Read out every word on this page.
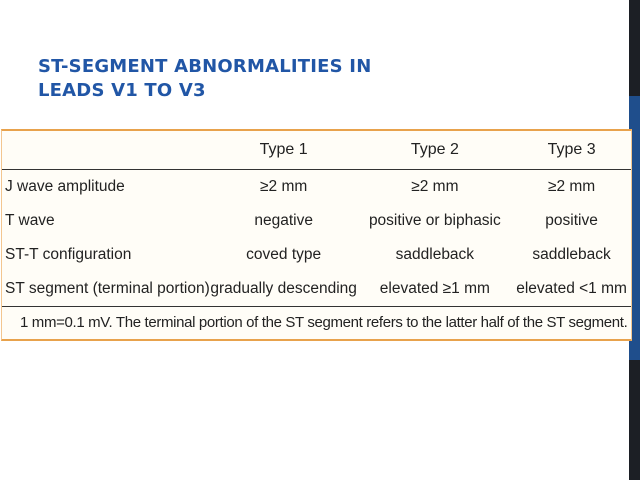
ST-SEGMENT ABNORMALITIES IN
LEADS V1 TO V3
	Type 1	Type 2	Type 3
J wave amplitude	≥2 mm	≥2 mm	≥2 mm
T wave	negative	positive or biphasic	positive
ST-T configuration	coved type	saddleback	saddleback
ST segment (terminal portion)	gradually descending	elevated ≥1 mm	elevated <1 mm
1 mm=0.1 mV. The terminal portion of the ST segment refers to the latter half of the ST segment.
